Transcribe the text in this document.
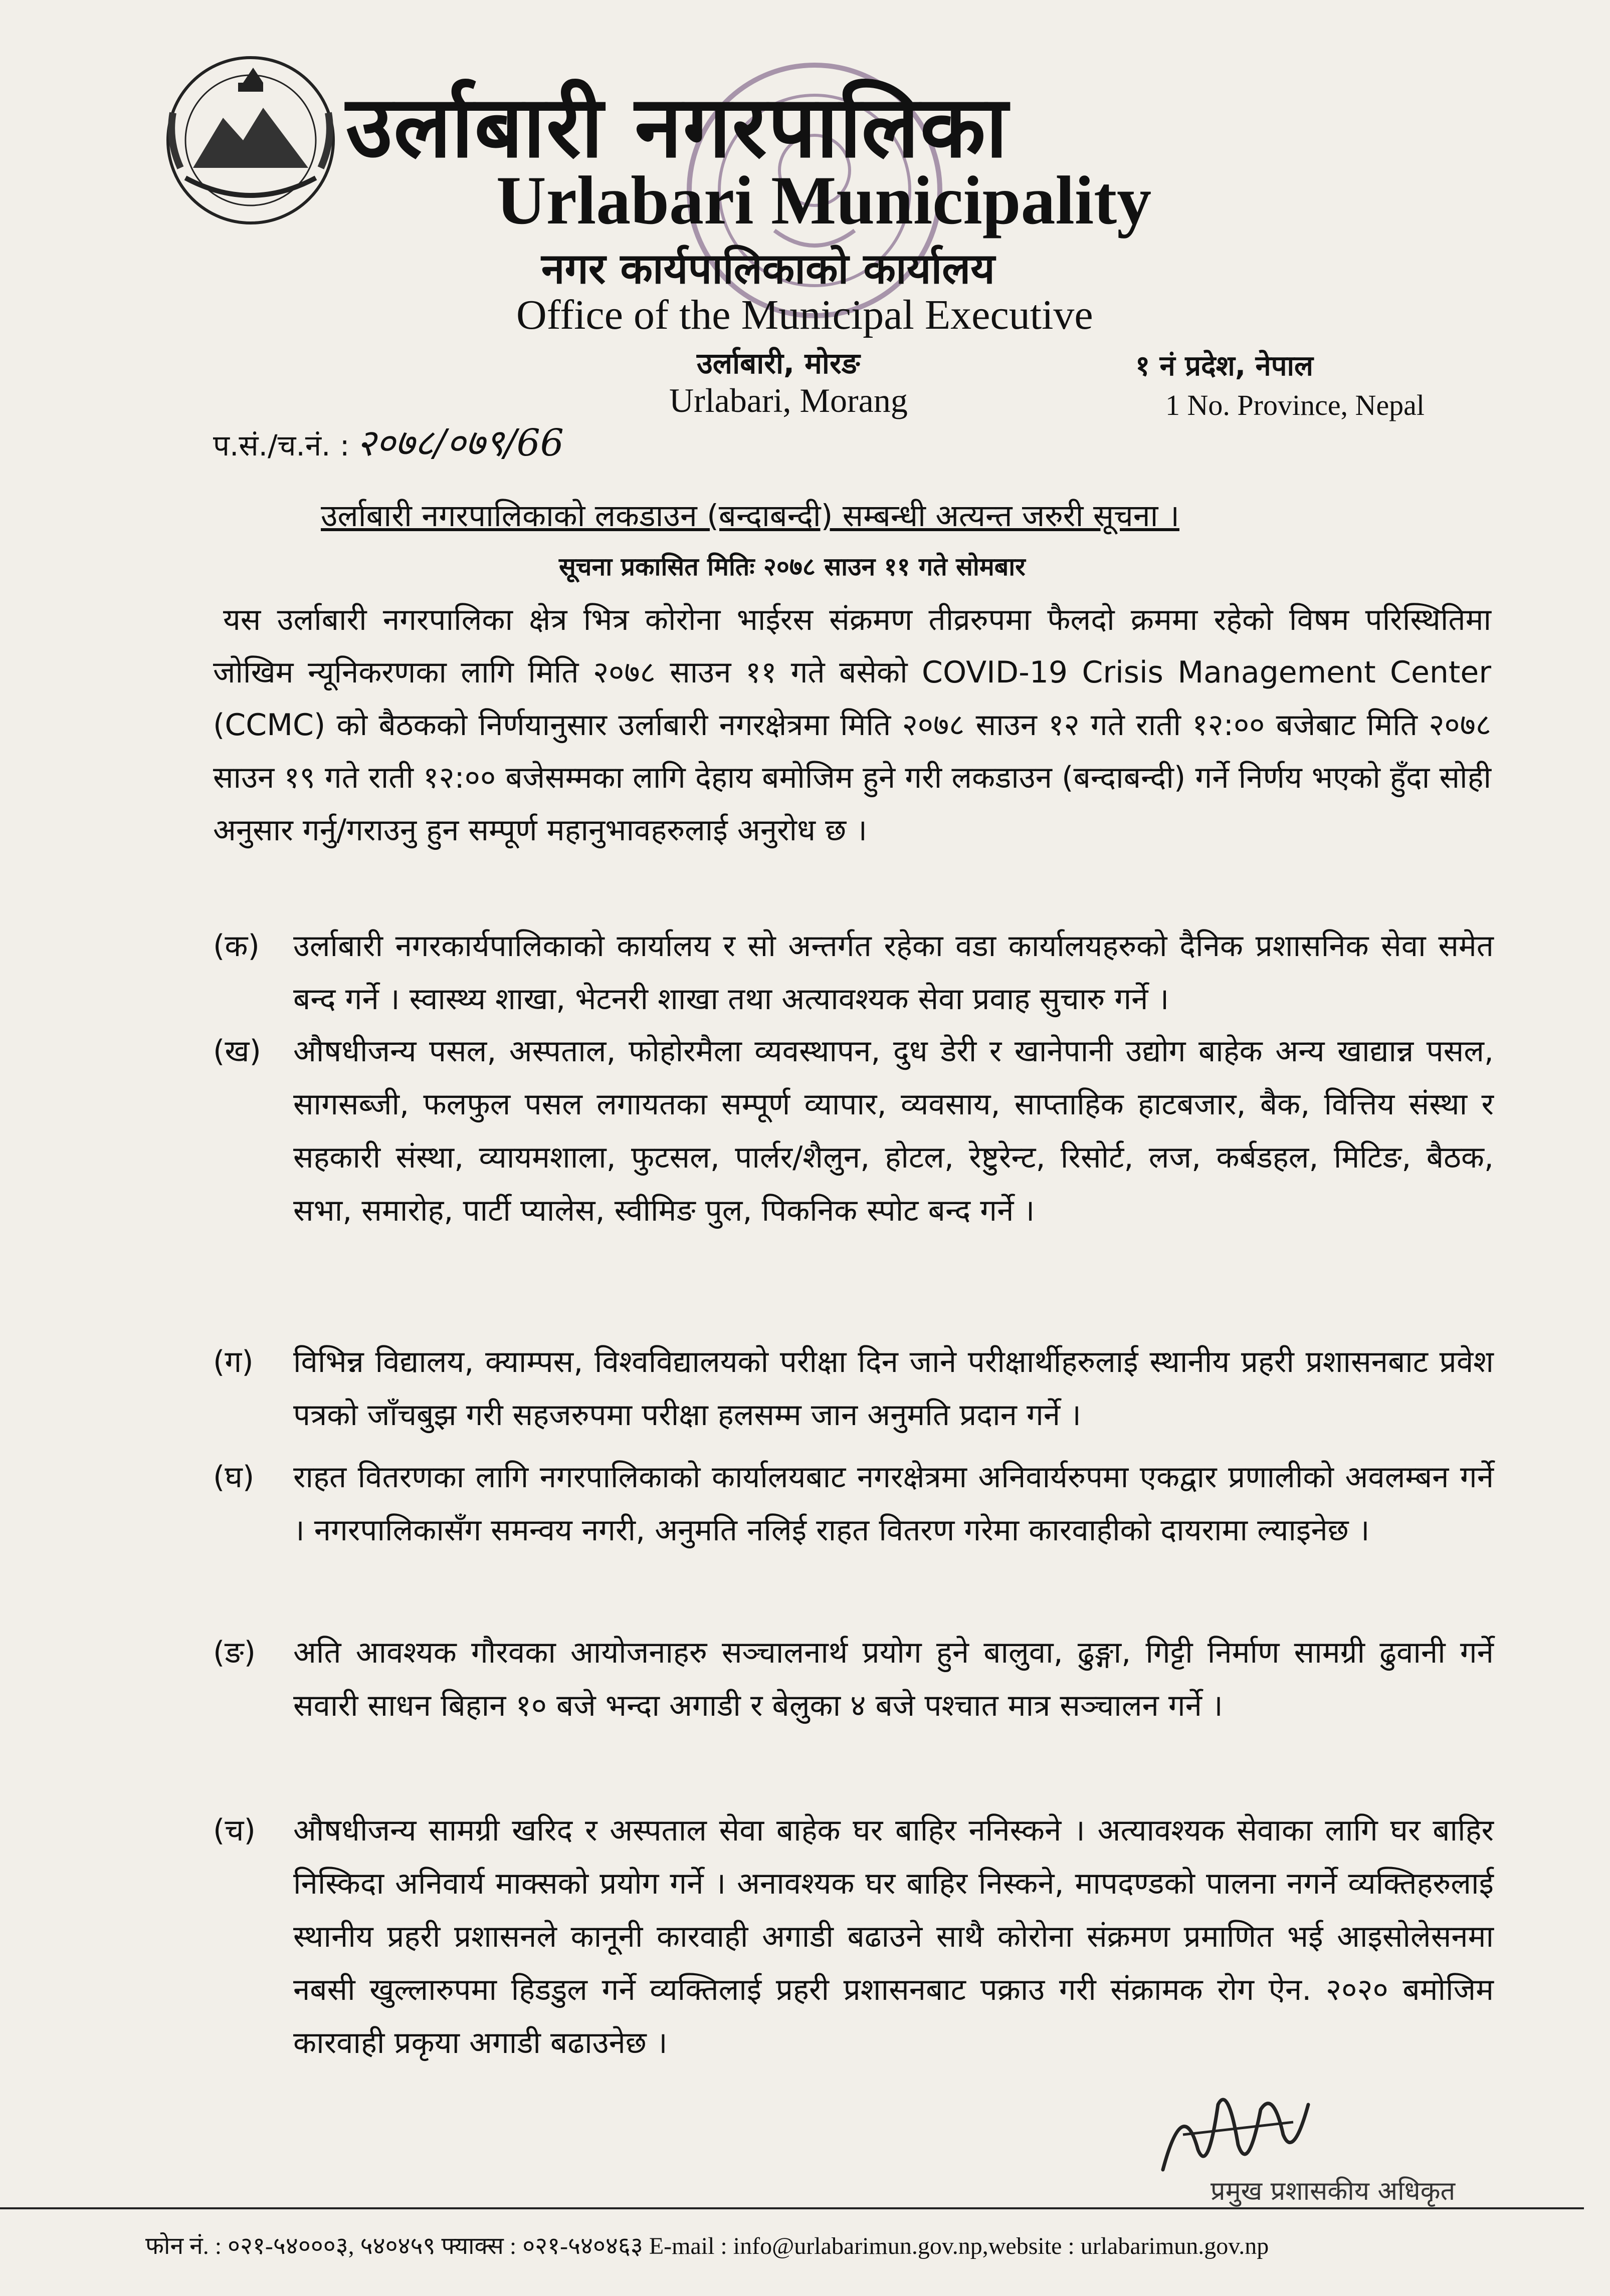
उर्लाबारी नगरपालिका
Urlabari Municipality
नगर कार्यपालिकाको कार्यालय
Office of the Municipal Executive
उर्लाबारी, मोरङ
Urlabari, Morang
१ नं प्रदेश, नेपाल
1 No. Province, Nepal
प.सं./च.नं. : २०७८/०७९/66
उर्लाबारी नगरपालिकाको लकडाउन (बन्दाबन्दी) सम्बन्धी अत्यन्त जरुरी सूचना ।
सूचना प्रकासित मितिः २०७८ साउन ११ गते सोमबार
यस उर्लाबारी नगरपालिका क्षेत्र भित्र कोरोना भाईरस संक्रमण तीव्ररुपमा फैलदो क्रममा रहेको विषम परिस्थितिमा जोखिम न्यूनिकरणका लागि मिति २०७८ साउन ११ गते बसेको COVID-19 Crisis Management Center (CCMC) को बैठकको निर्णयानुसार उर्लाबारी नगरक्षेत्रमा मिति २०७८ साउन १२ गते राती १२:०० बजेबाट मिति २०७८ साउन १९ गते राती १२:०० बजेसम्मका लागि देहाय बमोजिम हुने गरी लकडाउन (बन्दाबन्दी) गर्ने निर्णय भएको हुँदा सोही अनुसार गर्नु/गराउनु हुन सम्पूर्ण महानुभावहरुलाई अनुरोध छ ।
(क)	उर्लाबारी नगरकार्यपालिकाको कार्यालय र सो अन्तर्गत रहेका वडा कार्यालयहरुको दैनिक प्रशासनिक सेवा समेत बन्द गर्ने । स्वास्थ्य शाखा, भेटनरी शाखा तथा अत्यावश्यक सेवा प्रवाह सुचारु गर्ने ।
(ख)	औषधीजन्य पसल, अस्पताल, फोहोरमैला व्यवस्थापन, दुध डेरी र खानेपानी उद्योग बाहेक अन्य खाद्यान्न पसल, सागसब्जी, फलफुल पसल लगायतका सम्पूर्ण व्यापार, व्यवसाय, साप्ताहिक हाटबजार, बैक, वित्तिय संस्था र सहकारी संस्था, व्यायमशाला, फुटसल, पार्लर/शैलुन, होटल, रेष्टुरेन्ट, रिसोर्ट, लज, कर्बडहल, मिटिङ, बैठक, सभा, समारोह, पार्टी प्यालेस, स्वीमिङ पुल, पिकनिक स्पोट बन्द गर्ने ।
(ग)	विभिन्न विद्यालय, क्याम्पस, विश्वविद्यालयको परीक्षा दिन जाने परीक्षार्थीहरुलाई स्थानीय प्रहरी प्रशासनबाट प्रवेश पत्रको जाँचबुझ गरी सहजरुपमा परीक्षा हलसम्म जान अनुमति प्रदान गर्ने ।
(घ)	राहत वितरणका लागि नगरपालिकाको कार्यालयबाट नगरक्षेत्रमा अनिवार्यरुपमा एकद्वार प्रणालीको अवलम्बन गर्ने । नगरपालिकासँग समन्वय नगरी, अनुमति नलिई राहत वितरण गरेमा कारवाहीको दायरामा ल्याइनेछ ।
(ङ)	अति आवश्यक गौरवका आयोजनाहरु सञ्चालनार्थ प्रयोग हुने बालुवा, ढुङ्गा, गिट्टी निर्माण सामग्री ढुवानी गर्ने सवारी साधन बिहान १० बजे भन्दा अगाडी र बेलुका ४ बजे पश्चात मात्र सञ्चालन गर्ने ।
(च)	औषधीजन्य सामग्री खरिद र अस्पताल सेवा बाहेक घर बाहिर ननिस्कने । अत्यावश्यक सेवाका लागि घर बाहिर निस्किदा अनिवार्य माक्सको प्रयोग गर्ने । अनावश्यक घर बाहिर निस्कने, मापदण्डको पालना नगर्ने व्यक्तिहरुलाई स्थानीय प्रहरी प्रशासनले कानूनी कारवाही अगाडी बढाउने साथै कोरोना संक्रमण प्रमाणित भई आइसोलेसनमा नबसी खुल्लारुपमा हिडडुल गर्ने व्यक्तिलाई प्रहरी प्रशासनबाट पक्राउ गरी संक्रामक रोग ऐन. २०२० बमोजिम कारवाही प्रकृया अगाडी बढाउनेछ ।
प्रमुख प्रशासकीय अधिकृत
फोन नं. : ०२१-५४०००३, ५४०४५९ फ्याक्स : ०२१-५४०४६३ E-mail : info@urlabarimun.gov.np,website : urlabarimun.gov.np
